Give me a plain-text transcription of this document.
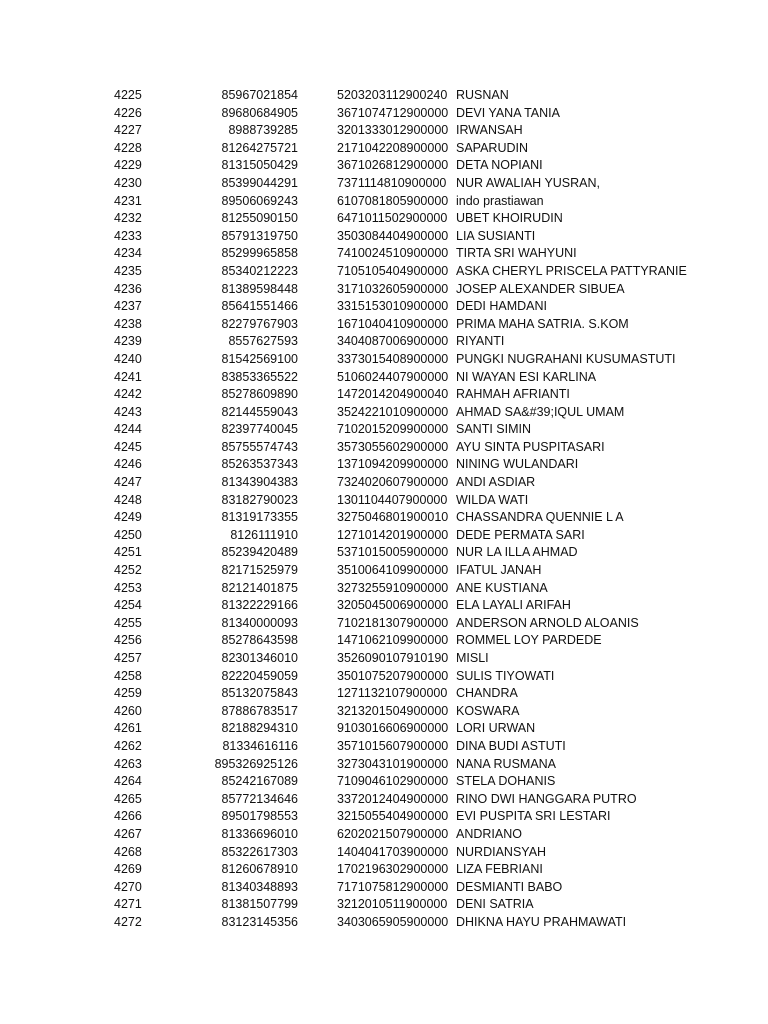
4225	85967021854	5203203112900240 RUSNAN
4226	89680684905	3671074712900000 DEVI YANA TANIA
4227	8988739285	3201333012900000 IRWANSAH
4228	81264275721	2171042208900000 SAPARUDIN
4229	81315050429	3671026812900000 DETA NOPIANI
4230	85399044291	7371114810900000 NUR AWALIAH YUSRAN,
4231	89506069243	6107081805900000 indo prastiawan
4232	81255090150	6471011502900000 UBET KHOIRUDIN
4233	85791319750	3503084404900000 LIA SUSIANTI
4234	85299965858	7410024510900000 TIRTA SRI WAHYUNI
4235	85340212223	7105105404900000 ASKA CHERYL PRISCELA PATTYRANIE
4236	81389598448	3171032605900000 JOSEP ALEXANDER SIBUEA
4237	85641551466	3315153010900000 DEDI HAMDANI
4238	82279767903	1671040410900000 PRIMA MAHA SATRIA. S.KOM
4239	8557627593	3404087006900000 RIYANTI
4240	81542569100	3373015408900000 PUNGKI NUGRAHANI KUSUMASTUTI
4241	83853365522	5106024407900000 NI WAYAN ESI KARLINA
4242	85278609890	1472014204900040 RAHMAH AFRIANTI
4243	82144559043	3524221010900000 AHMAD SA&#39;IQUL UMAM
4244	82397740045	7102015209900000 SANTI SIMIN
4245	85755574743	3573055602900000 AYU SINTA PUSPITASARI
4246	85263537343	1371094209900000 NINING WULANDARI
4247	81343904383	7324020607900000 ANDI ASDIAR
4248	83182790023	1301104407900000 WILDA WATI
4249	81319173355	3275046801900010 CHASSANDRA QUENNIE L A
4250	8126111910	1271014201900000 DEDE PERMATA SARI
4251	85239420489	5371015005900000 NUR LA ILLA AHMAD
4252	82171525979	3510064109900000 IFATUL JANAH
4253	82121401875	3273255910900000 ANE KUSTIANA
4254	81322229166	3205045006900000 ELA LAYALI ARIFAH
4255	81340000093	7102181307900000 ANDERSON ARNOLD ALOANIS
4256	85278643598	1471062109900000 ROMMEL LOY PARDEDE
4257	82301346010	3526090107910190 MISLI
4258	82220459059	3501075207900000 SULIS TIYOWATI
4259	85132075843	1271132107900000 CHANDRA
4260	87886783517	3213201504900000 KOSWARA
4261	82188294310	9103016606900000 LORI URWAN
4262	81334616116	3571015607900000 DINA BUDI ASTUTI
4263	895326925126	3273043101900000 NANA RUSMANA
4264	85242167089	7109046102900000 STELA DOHANIS
4265	85772134646	3372012404900000 RINO DWI HANGGARA PUTRO
4266	89501798553	3215055404900000 EVI PUSPITA SRI LESTARI
4267	81336696010	6202021507900000 ANDRIANO
4268	85322617303	1404041703900000 NURDIANSYAH
4269	81260678910	1702196302900000 LIZA FEBRIANI
4270	81340348893	7171075812900000 DESMIANTI BABO
4271	81381507799	3212010511900000 DENI SATRIA
4272	83123145356	3403065905900000 DHIKNA HAYU PRAHMAWATI
